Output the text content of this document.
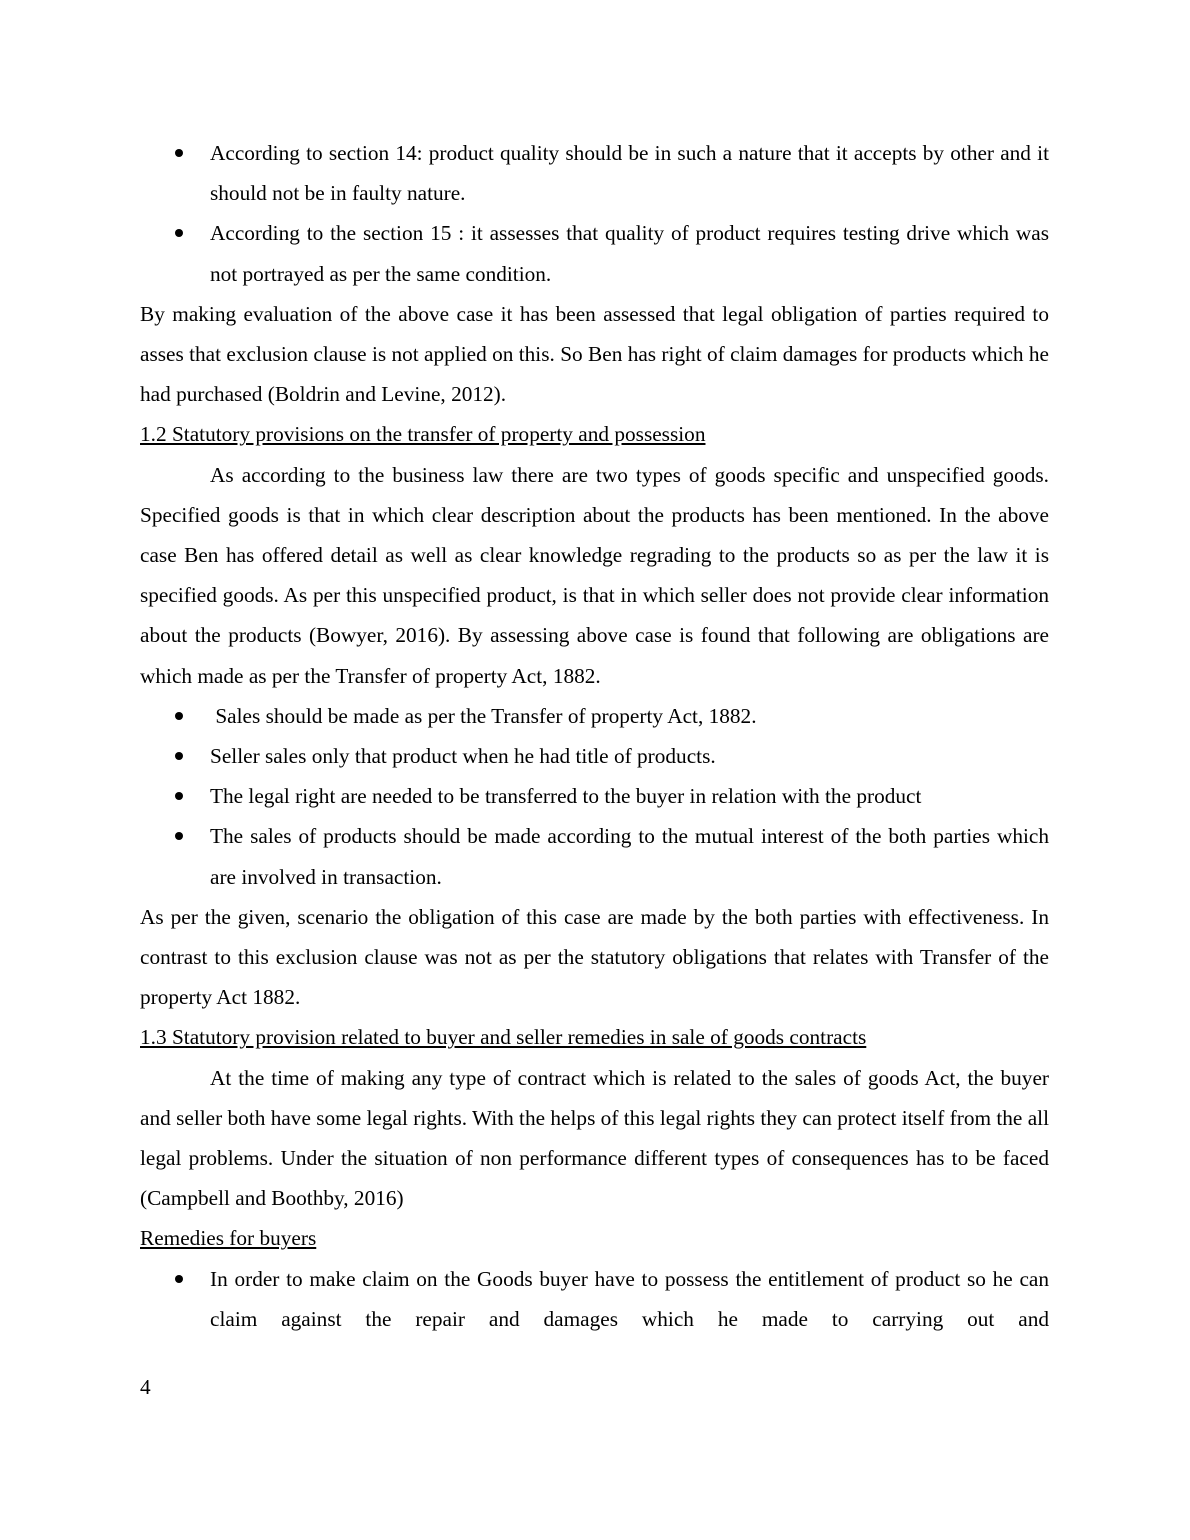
According to section 14: product quality should be in such a nature that it accepts by other and it should not be in faulty nature.
According to the section 15 : it assesses that quality of product requires testing drive which was not portrayed as per the same condition.

By making evaluation of the above case it has been assessed that legal obligation of parties required to asses that exclusion clause is not applied on this. So Ben has right of claim damages for products which he had purchased (Boldrin and Levine, 2012).

1.2 Statutory provisions on the transfer of property and possession

As according to the business law there are two types of goods specific and unspecified goods. Specified goods is that in which clear description about the products has been mentioned. In the above case Ben has offered detail as well as clear knowledge regrading to the products so as per the law it is specified goods. As per this unspecified product, is that in which seller does not provide clear information about the products (Bowyer, 2016). By assessing above case is found that following are obligations are which made as per the Transfer of property Act, 1882.

Sales should be made as per the Transfer of property Act, 1882.
Seller sales only that product when he had title of products.
The legal right are needed to be transferred to the buyer in relation with the product
The sales of products should be made according to the mutual interest of the both parties which are involved in transaction.

As per the given, scenario the obligation of this case are made by the both parties with effectiveness. In contrast to this exclusion clause was not as per the statutory obligations that relates with Transfer of the property Act 1882.

1.3 Statutory provision related to buyer and seller remedies in sale of goods contracts

At the time of making any type of contract which is related to the sales of goods Act, the buyer and seller both have some legal rights. With the helps of this legal rights they can protect itself from the all legal problems. Under the situation of non performance different types of consequences has to be faced (Campbell and Boothby, 2016)

Remedies for buyers

In order to make claim on the Goods buyer have to possess the entitlement of product so he can claim against the repair and damages which he made to carrying out and
4
